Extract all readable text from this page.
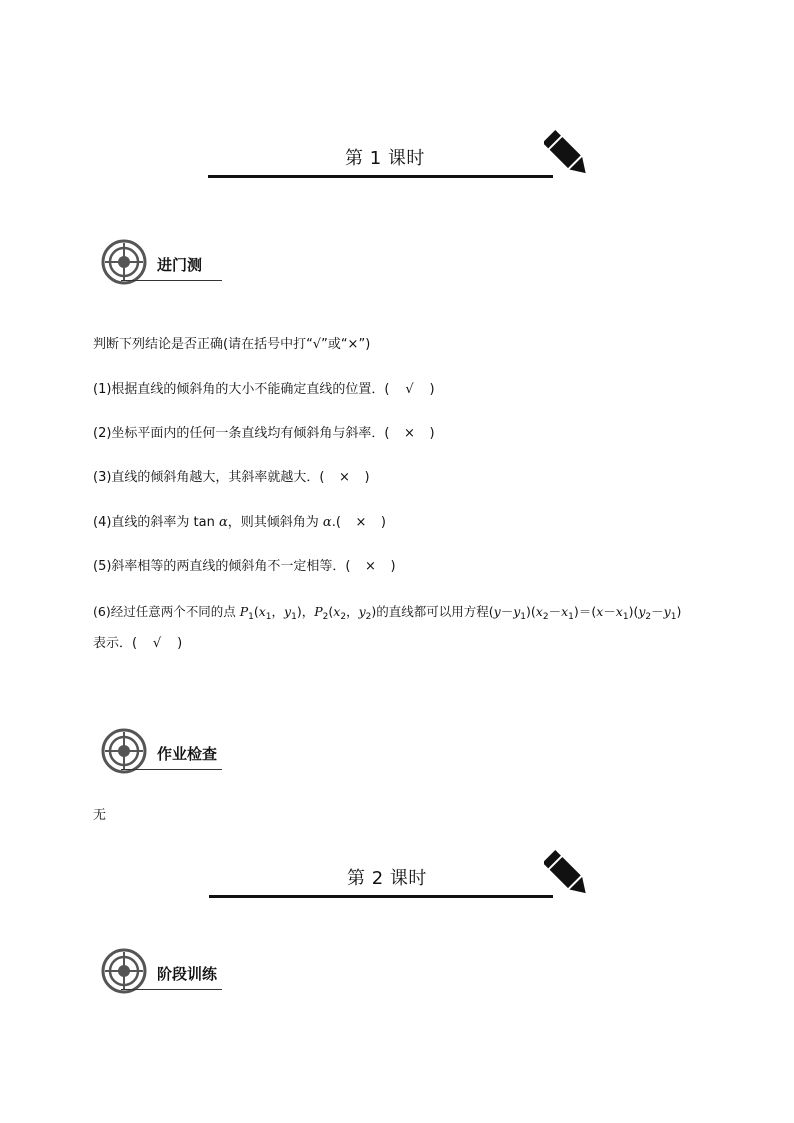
第 1 课时
进门测
判断下列结论是否正确(请在括号中打“√”或“×”)
(1)根据直线的倾斜角的大小不能确定直线的位置．( √ )
(2)坐标平面内的任何一条直线均有倾斜角与斜率．( × )
(3)直线的倾斜角越大，其斜率就越大．( × )
(4)直线的斜率为 tan α，则其倾斜角为 α.( × )
(5)斜率相等的两直线的倾斜角不一定相等．( × )
(6)经过任意两个不同的点 $P_1(x_1$，$y_1$)，$P_2(x_2$，$y_2$)的直线都可以用方程$(y-y_1)(x_2-x_1)=(x-x_1)(y_2-y_1)$
表示．( √ )
作业检查
无
第 2 课时
阶段训练
